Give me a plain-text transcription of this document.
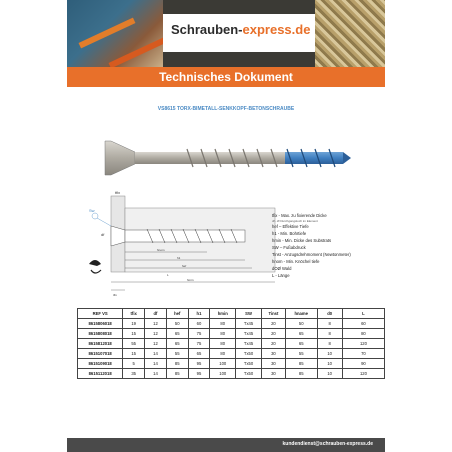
Schrauben-express.de
Technisches Dokument
VS8615 TORX-BIMETALL-SENKKOPF-BETONSCHRAUBE
tfix
Sw
df
hnom
h1
hef
hmin
L
tfix
tfix - Max. zu fixierende Dicke
df - Ø Durchgangsloch im Element
hef – Effektive Tiefe
h1 - Min. Bohrtiefe
hmin - Min. Dicke des Substrats
SW – Fußabdruck
Tinst - Anzugsdrehmoment (Newtonmeter)
hnom - Min. Knöchel tiefe
dOØ Wald
L - Länge
REF VS	tfix	df	hef	h1	hmin	SW	Tinst	hname	d0	L
8615806018	19	12	50	60	80	Tx45	20	50	8	60
8615808018	15	12	65	75	80	Tx45	20	65	8	80
8615812018	55	12	65	75	80	Tx45	20	65	8	120
8615107018	15	14	55	65	80	Tx50	30	55	10	70
8615109018	5	14	85	95	100	Tx50	30	85	10	90
8615112018	35	14	85	95	100	Tx50	30	85	10	120
kundendienst@schrauben-express.de
